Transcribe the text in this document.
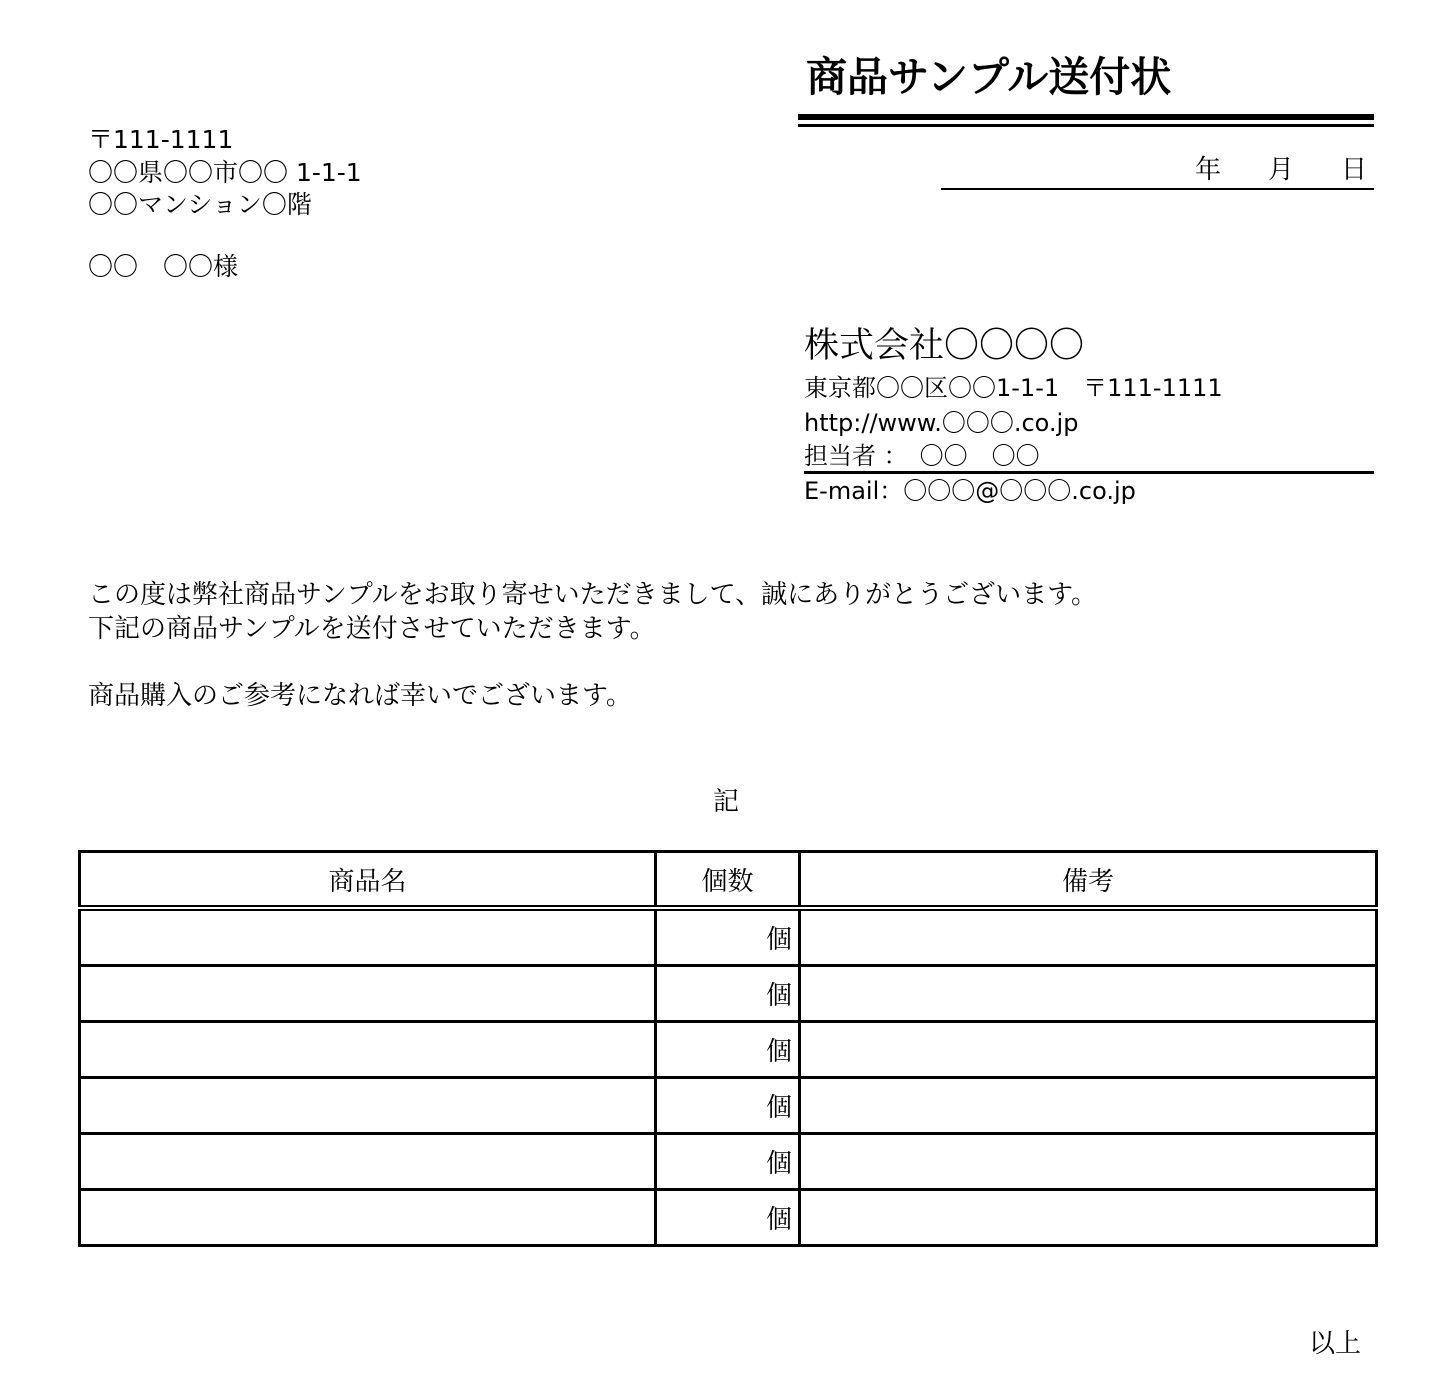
商品サンプル送付状
年 月 日
〒111-1111
〇〇県〇〇市〇〇 1-1-1
〇〇マンション〇階
〇〇　〇〇様
株式会社〇〇〇〇
東京都〇〇区〇〇1-1-1　〒111-1111
http://www.〇〇〇.co.jp
担当者 ：　〇〇　〇〇
E-mail：〇〇〇@〇〇〇.co.jp
この度は弊社商品サンプルをお取り寄せいただきまして、誠にありがとうございます。
下記の商品サンプルを送付させていただきます。
商品購入のご参考になれば幸いでございます。
記
商品名	個数	備考
	個	
	個	
	個	
	個	
	個	
	個	
以上
